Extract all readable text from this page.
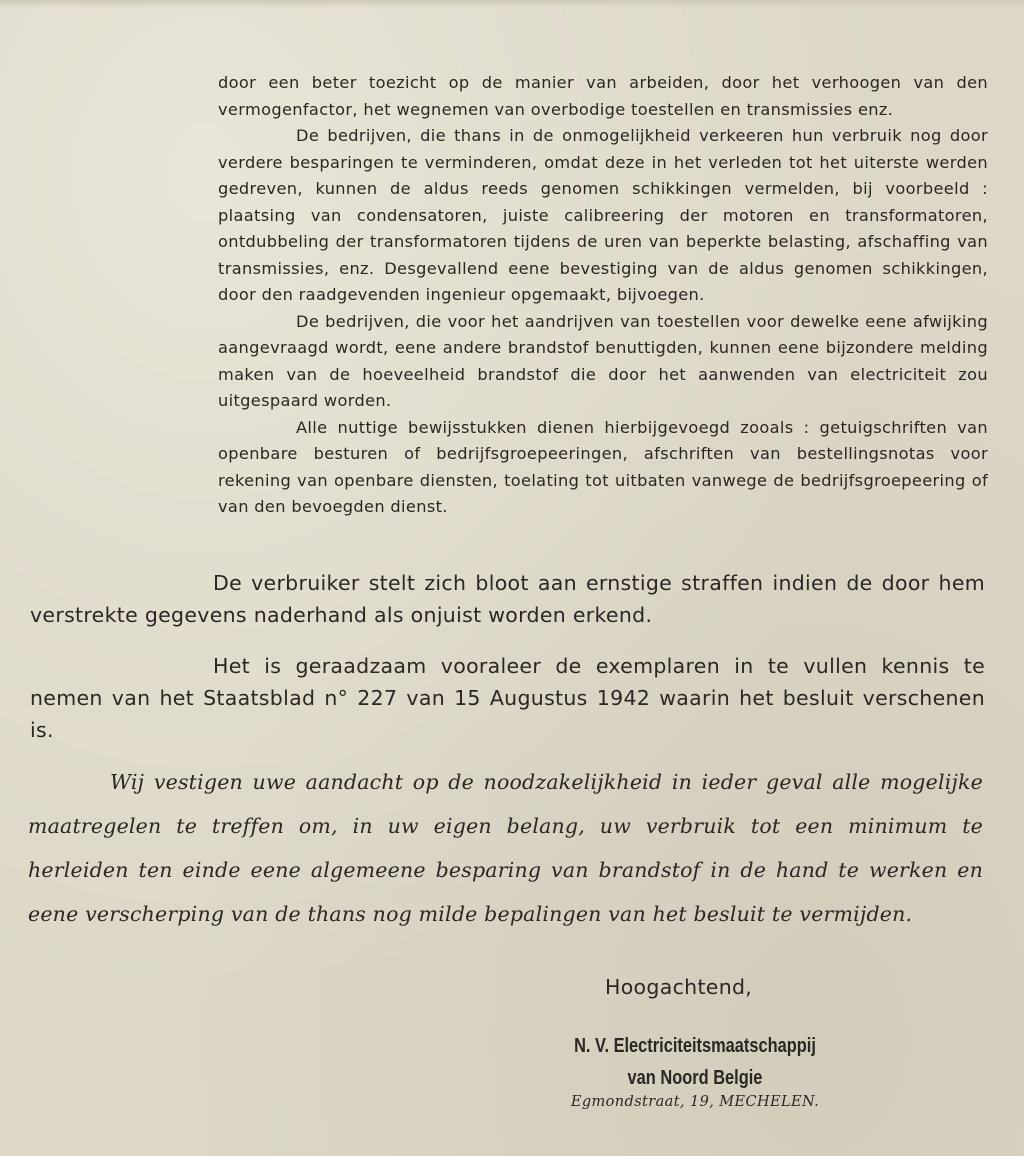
door een beter toezicht op de manier van arbeiden, door het verhoogen van den vermogenfactor, het wegnemen van overbodige toestellen en transmissies enz.

De bedrijven, die thans in de onmogelijkheid verkeeren hun verbruik nog door verdere besparingen te verminderen, omdat deze in het verleden tot het uiterste werden gedreven, kunnen de aldus reeds genomen schikkingen vermelden, bij voorbeeld : plaatsing van condensatoren, juiste calibreering der motoren en transformatoren, ontdubbeling der transformatoren tijdens de uren van beperkte belasting, afschaffing van transmissies, enz. Desgevallend eene bevestiging van de aldus genomen schikkingen, door den raadgevenden ingenieur opgemaakt, bijvoegen.

De bedrijven, die voor het aandrijven van toestellen voor dewelke eene afwijking aangevraagd wordt, eene andere brandstof benuttigden, kunnen eene bijzondere melding maken van de hoeveelheid brandstof die door het aanwenden van electriciteit zou uitgespaard worden.

Alle nuttige bewijsstukken dienen hierbijgevoegd zooals : getuigschriften van openbare besturen of bedrijfsgroepeeringen, afschriften van bestellingsnotas voor rekening van openbare diensten, toelating tot uitbaten vanwege de bedrijfsgroepeering of van den bevoegden dienst.

De verbruiker stelt zich bloot aan ernstige straffen indien de door hem verstrekte gegevens naderhand als onjuist worden erkend.

Het is geraadzaam vooraleer de exemplaren in te vullen kennis te nemen van het Staatsblad n° 227 van 15 Augustus 1942 waarin het besluit verschenen is.

Wij vestigen uwe aandacht op de noodzakelijkheid in ieder geval alle mogelijke maatregelen te treffen om, in uw eigen belang, uw verbruik tot een minimum te herleiden ten einde eene algemeene besparing van brandstof in de hand te werken en eene verscherping van de thans nog milde bepalingen van het besluit te vermijden.

Hoogachtend,

N. V. Electriciteitsmaatschappij
van Noord Belgie

Egmondstraat, 19, MECHELEN.
